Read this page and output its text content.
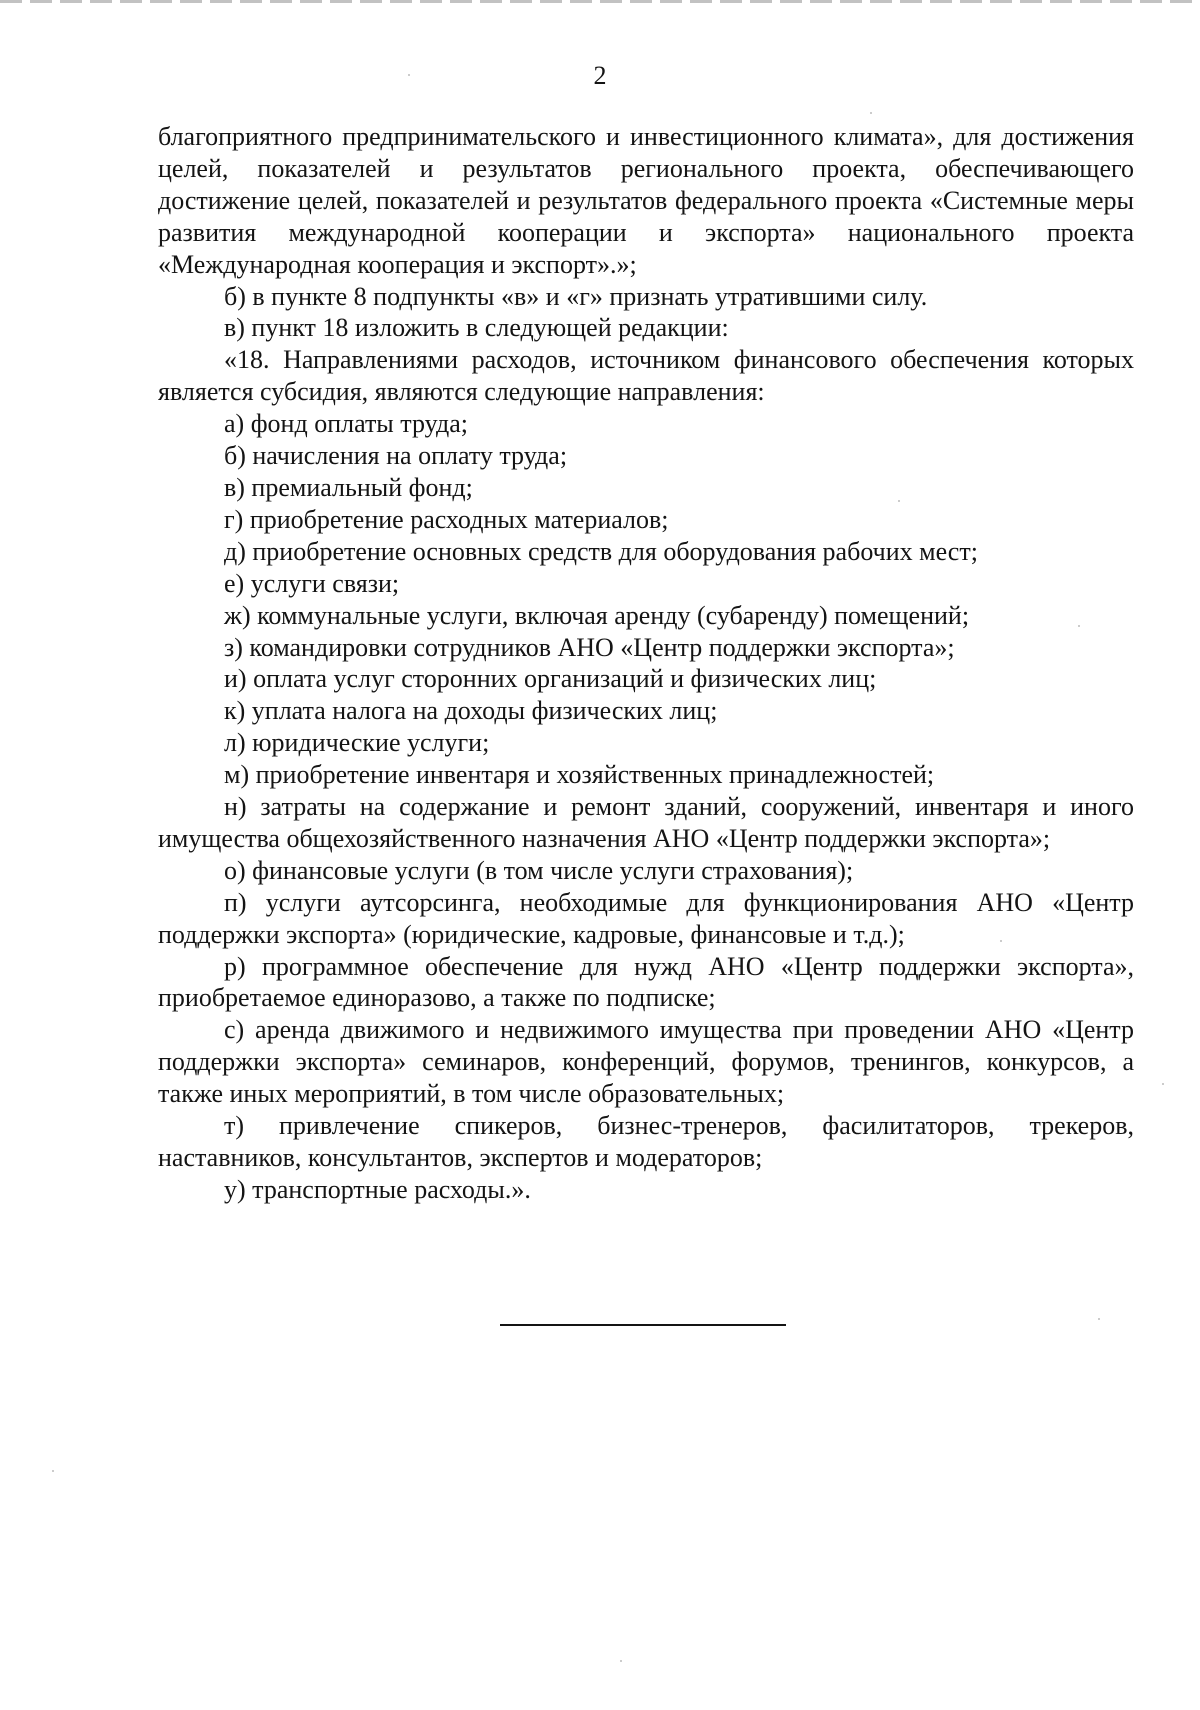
2

благоприятного предпринимательского и инвестиционного климата», для достижения целей, показателей и результатов регионального проекта, обеспечивающего достижение целей, показателей и результатов федерального проекта «Системные меры развития международной кооперации и экспорта» национального проекта «Международная кооперация и экспорт».»;

б) в пункте 8 подпункты «в» и «г» признать утратившими силу.

в) пункт 18 изложить в следующей редакции:

«18. Направлениями расходов, источником финансового обеспечения которых является субсидия, являются следующие направления:

а) фонд оплаты труда;

б) начисления на оплату труда;

в) премиальный фонд;

г) приобретение расходных материалов;

д) приобретение основных средств для оборудования рабочих мест;

е) услуги связи;

ж) коммунальные услуги, включая аренду (субаренду) помещений;

з) командировки сотрудников АНО «Центр поддержки экспорта»;

и) оплата услуг сторонних организаций и физических лиц;

к) уплата налога на доходы физических лиц;

л) юридические услуги;

м) приобретение инвентаря и хозяйственных принадлежностей;

н) затраты на содержание и ремонт зданий, сооружений, инвентаря и иного имущества общехозяйственного назначения АНО «Центр поддержки экспорта»;

о) финансовые услуги (в том числе услуги страхования);

п) услуги аутсорсинга, необходимые для функционирования АНО «Центр поддержки экспорта» (юридические, кадровые, финансовые и т.д.);

р) программное обеспечение для нужд АНО «Центр поддержки экспорта», приобретаемое единоразово, а также по подписке;

с) аренда движимого и недвижимого имущества при проведении АНО «Центр поддержки экспорта» семинаров, конференций, форумов, тренингов, конкурсов, а также иных мероприятий, в том числе образовательных;

т) привлечение спикеров, бизнес-тренеров, фасилитаторов, трекеров, наставников, консультантов, экспертов и модераторов;

у) транспортные расходы.».
